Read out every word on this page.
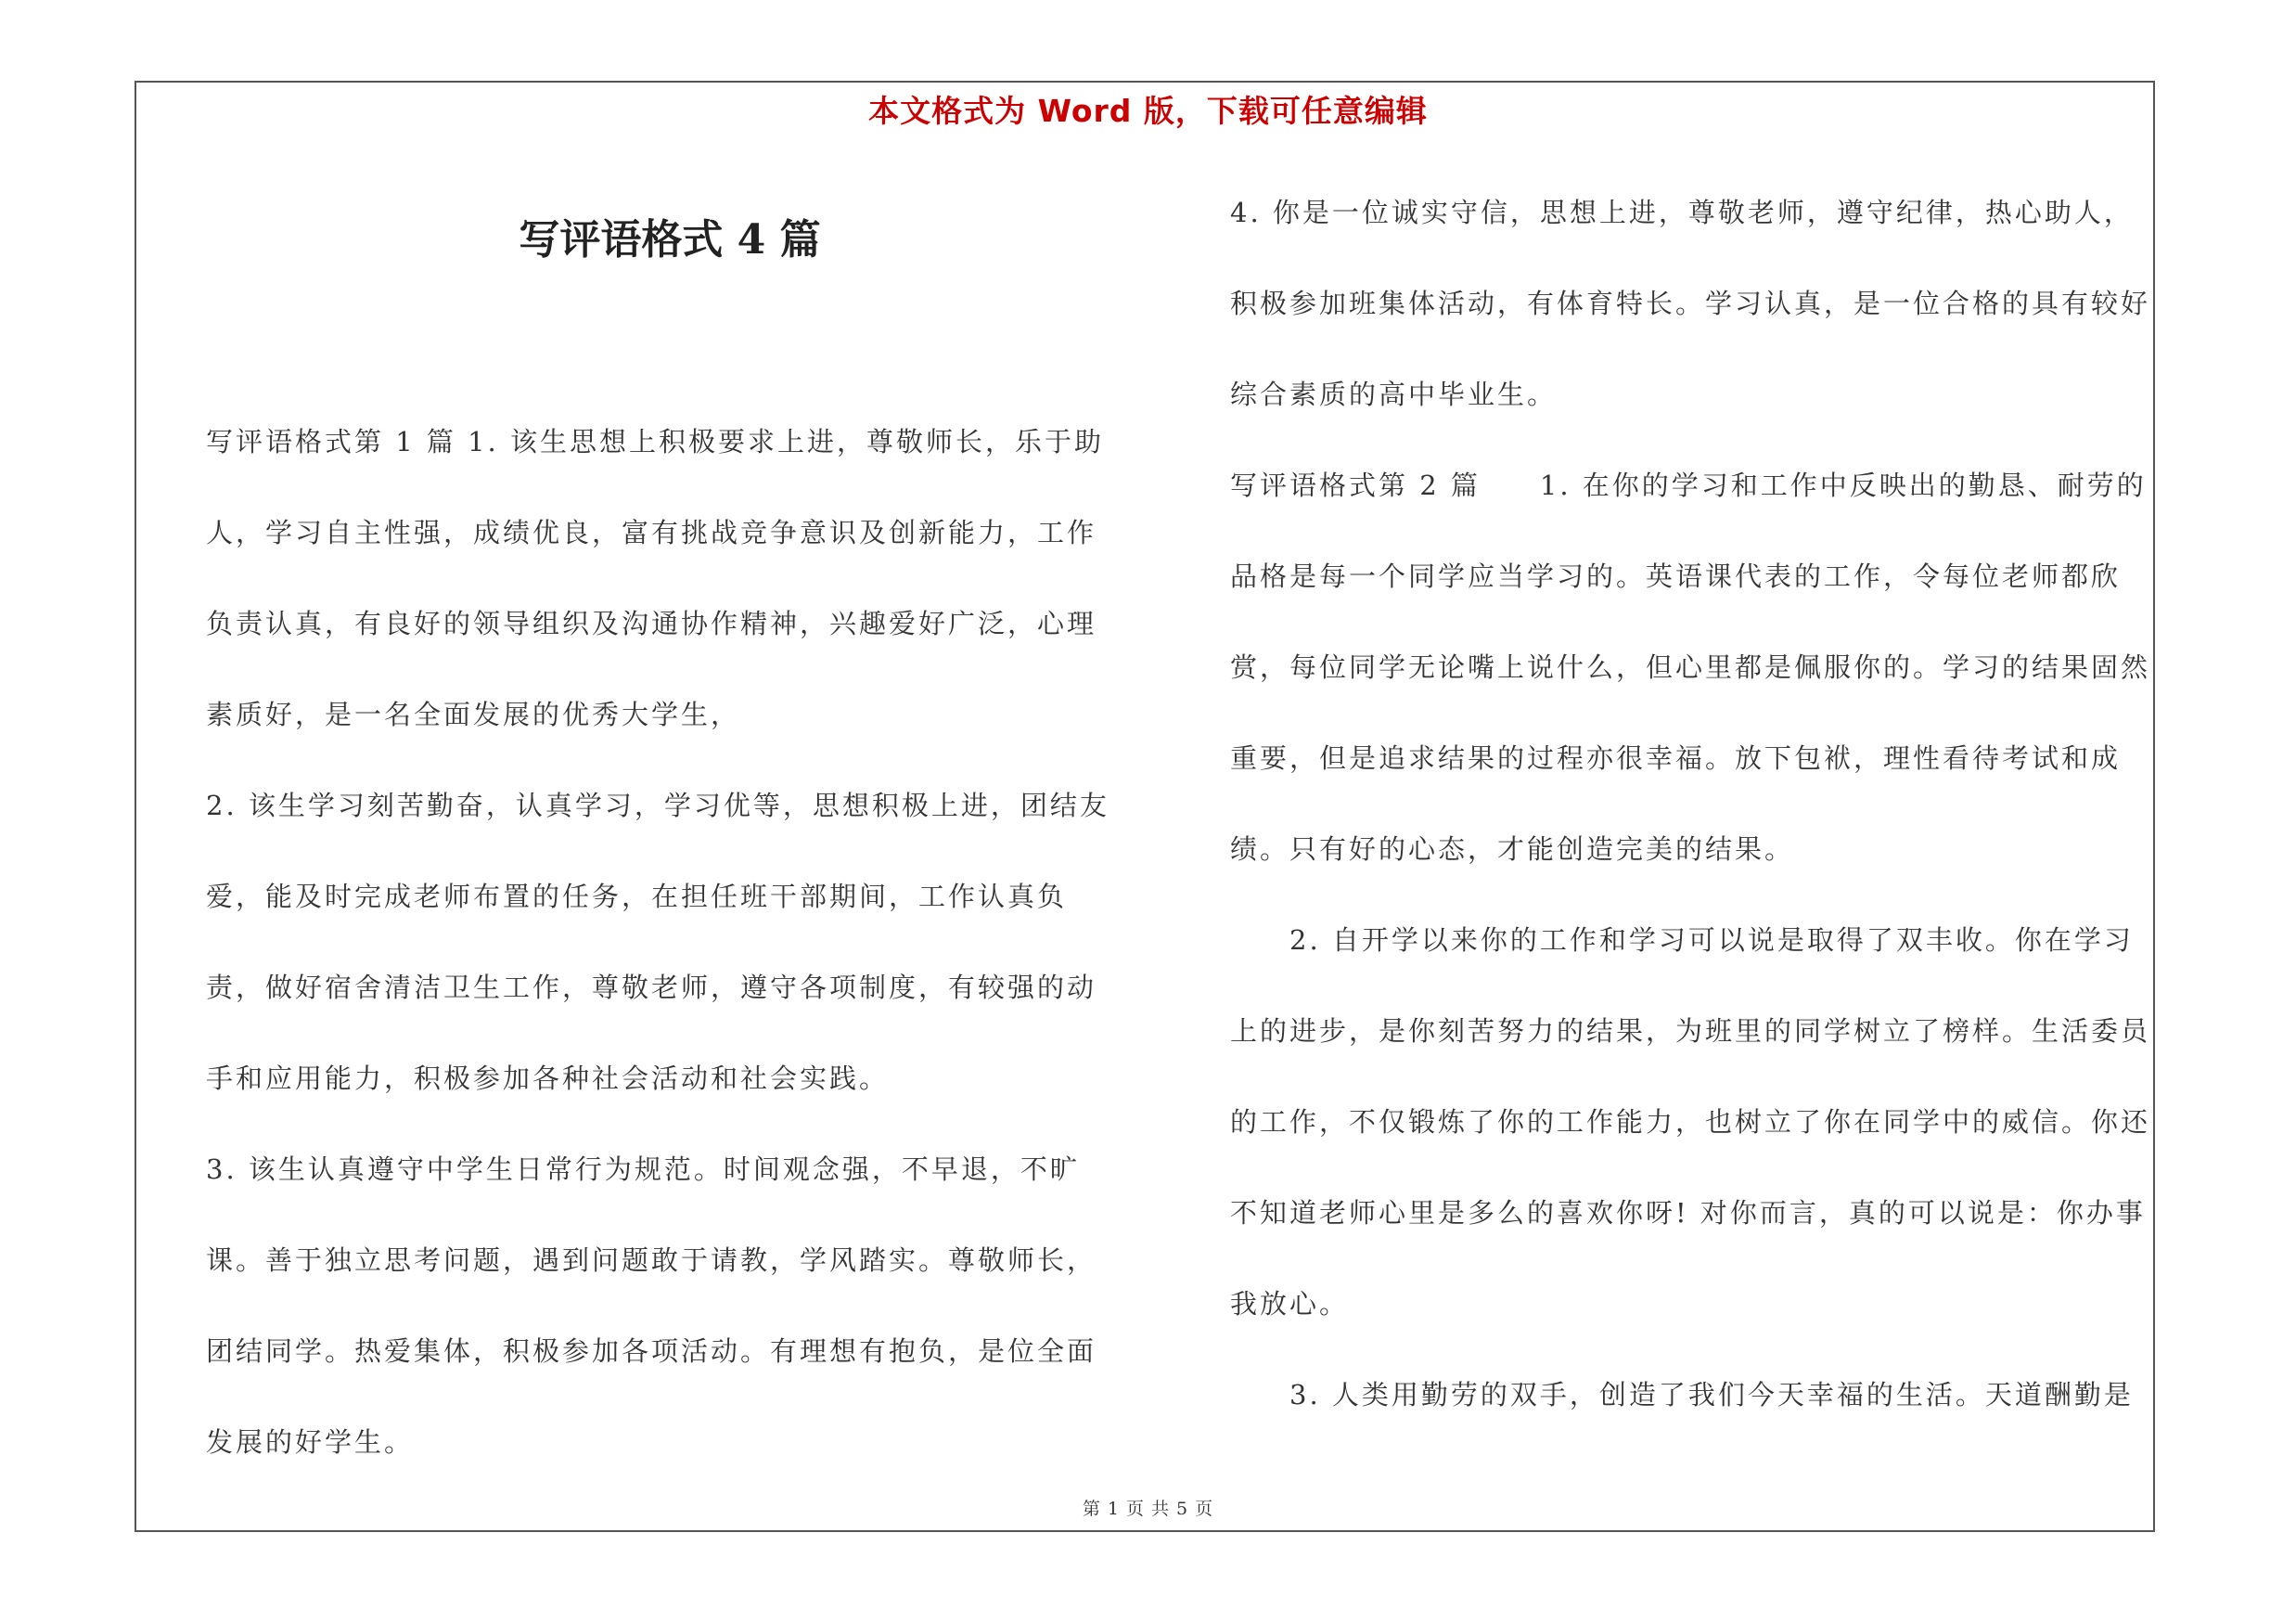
本文格式为 Word 版，下载可任意编辑
写评语格式 4 篇

写评语格式第 1 篇 1. 该生思想上积极要求上进，尊敬师长，乐于助人，学习自主性强，成绩优良，富有挑战竞争意识及创新能力，工作负责认真，有良好的领导组织及沟通协作精神，兴趣爱好广泛，心理素质好，是一名全面发展的优秀大学生，

2. 该生学习刻苦勤奋，认真学习，学习优等，思想积极上进，团结友爱，能及时完成老师布置的任务，在担任班干部期间，工作认真负责，做好宿舍清洁卫生工作，尊敬老师，遵守各项制度，有较强的动手和应用能力，积极参加各种社会活动和社会实践。

3. 该生认真遵守中学生日常行为规范。时间观念强，不早退，不旷课。善于独立思考问题，遇到问题敢于请教，学风踏实。尊敬师长，团结同学。热爱集体，积极参加各项活动。有理想有抱负，是位全面发展的好学生。

4. 你是一位诚实守信，思想上进，尊敬老师，遵守纪律，热心助人，积极参加班集体活动，有体育特长。学习认真，是一位合格的具有较好综合素质的高中毕业生。

写评语格式第 2 篇　　1. 在你的学习和工作中反映出的勤恳、耐劳的品格是每一个同学应当学习的。英语课代表的工作，令每位老师都欣赏，每位同学无论嘴上说什么，但心里都是佩服你的。学习的结果固然重要，但是追求结果的过程亦很幸福。放下包袱，理性看待考试和成绩。只有好的心态，才能创造完美的结果。

2. 自开学以来你的工作和学习可以说是取得了双丰收。你在学习上的进步，是你刻苦努力的结果，为班里的同学树立了榜样。生活委员的工作，不仅锻炼了你的工作能力，也树立了你在同学中的威信。你还不知道老师心里是多么的喜欢你呀! 对你而言，真的可以说是：你办事我放心。

3. 人类用勤劳的双手，创造了我们今天幸福的生活。天道酬勤是

第 1 页 共 5 页
